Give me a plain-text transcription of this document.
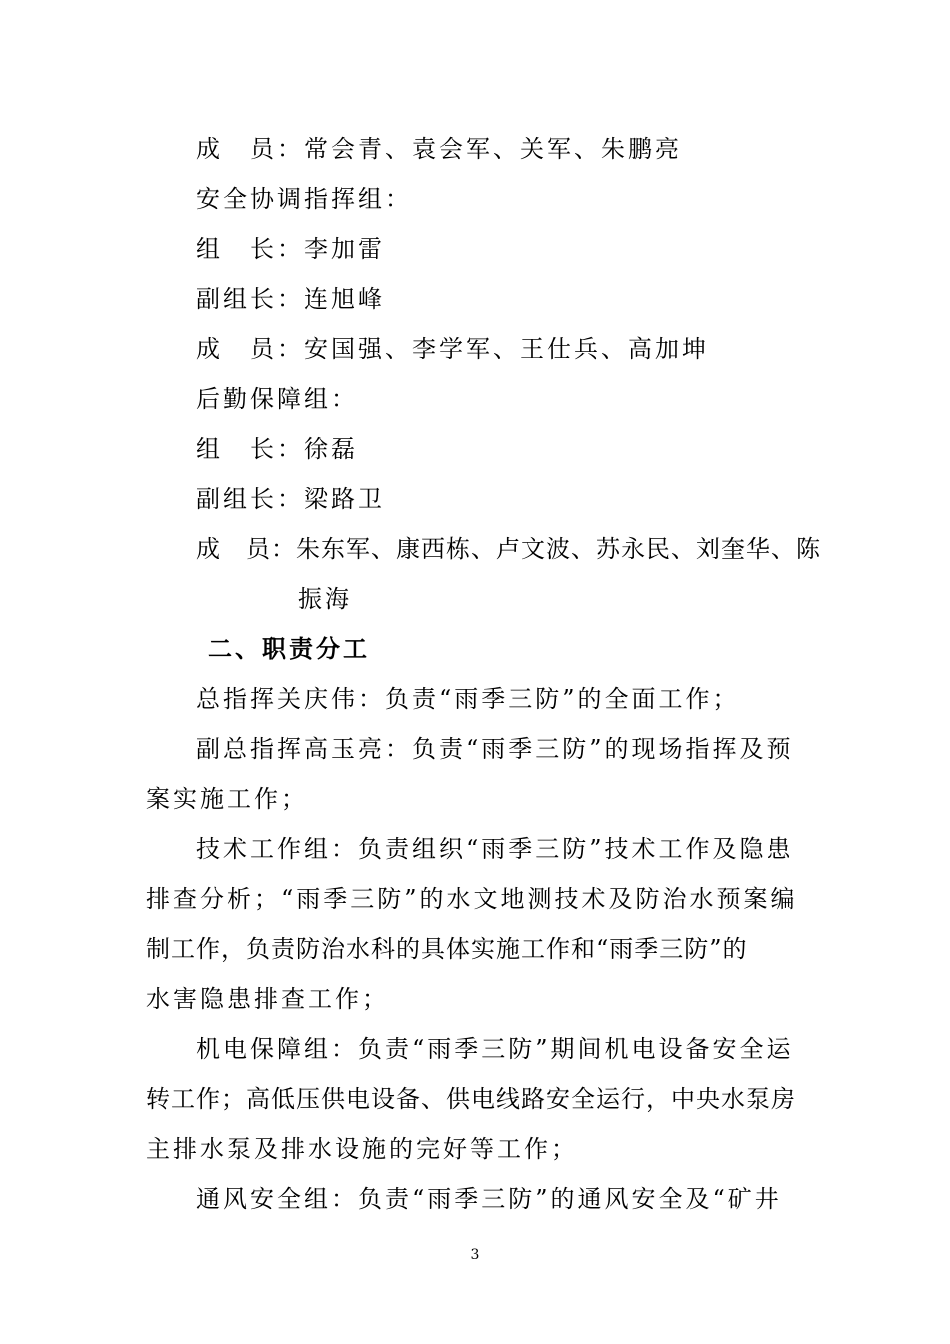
成　员：常会青、袁会军、关军、朱鹏亮
安全协调指挥组：
组　长：李加雷
副组长：连旭峰
成　员：安国强、李学军、王仕兵、高加坤
后勤保障组：
组　长：徐磊
副组长：梁路卫
成　员：朱东军、康西栋、卢文波、苏永民、刘奎华、陈
振海
二、职责分工
总指挥关庆伟：负责“雨季三防”的全面工作；
副总指挥高玉亮：负责“雨季三防”的现场指挥及预
案实施工作；
技术工作组：负责组织“雨季三防”技术工作及隐患
排查分析；“雨季三防”的水文地测技术及防治水预案编
制工作，负责防治水科的具体实施工作和“雨季三防”的
水害隐患排查工作；
机电保障组：负责“雨季三防”期间机电设备安全运
转工作；高低压供电设备、供电线路安全运行，中央水泵房
主排水泵及排水设施的完好等工作；
通风安全组：负责“雨季三防”的通风安全及“矿井
3
